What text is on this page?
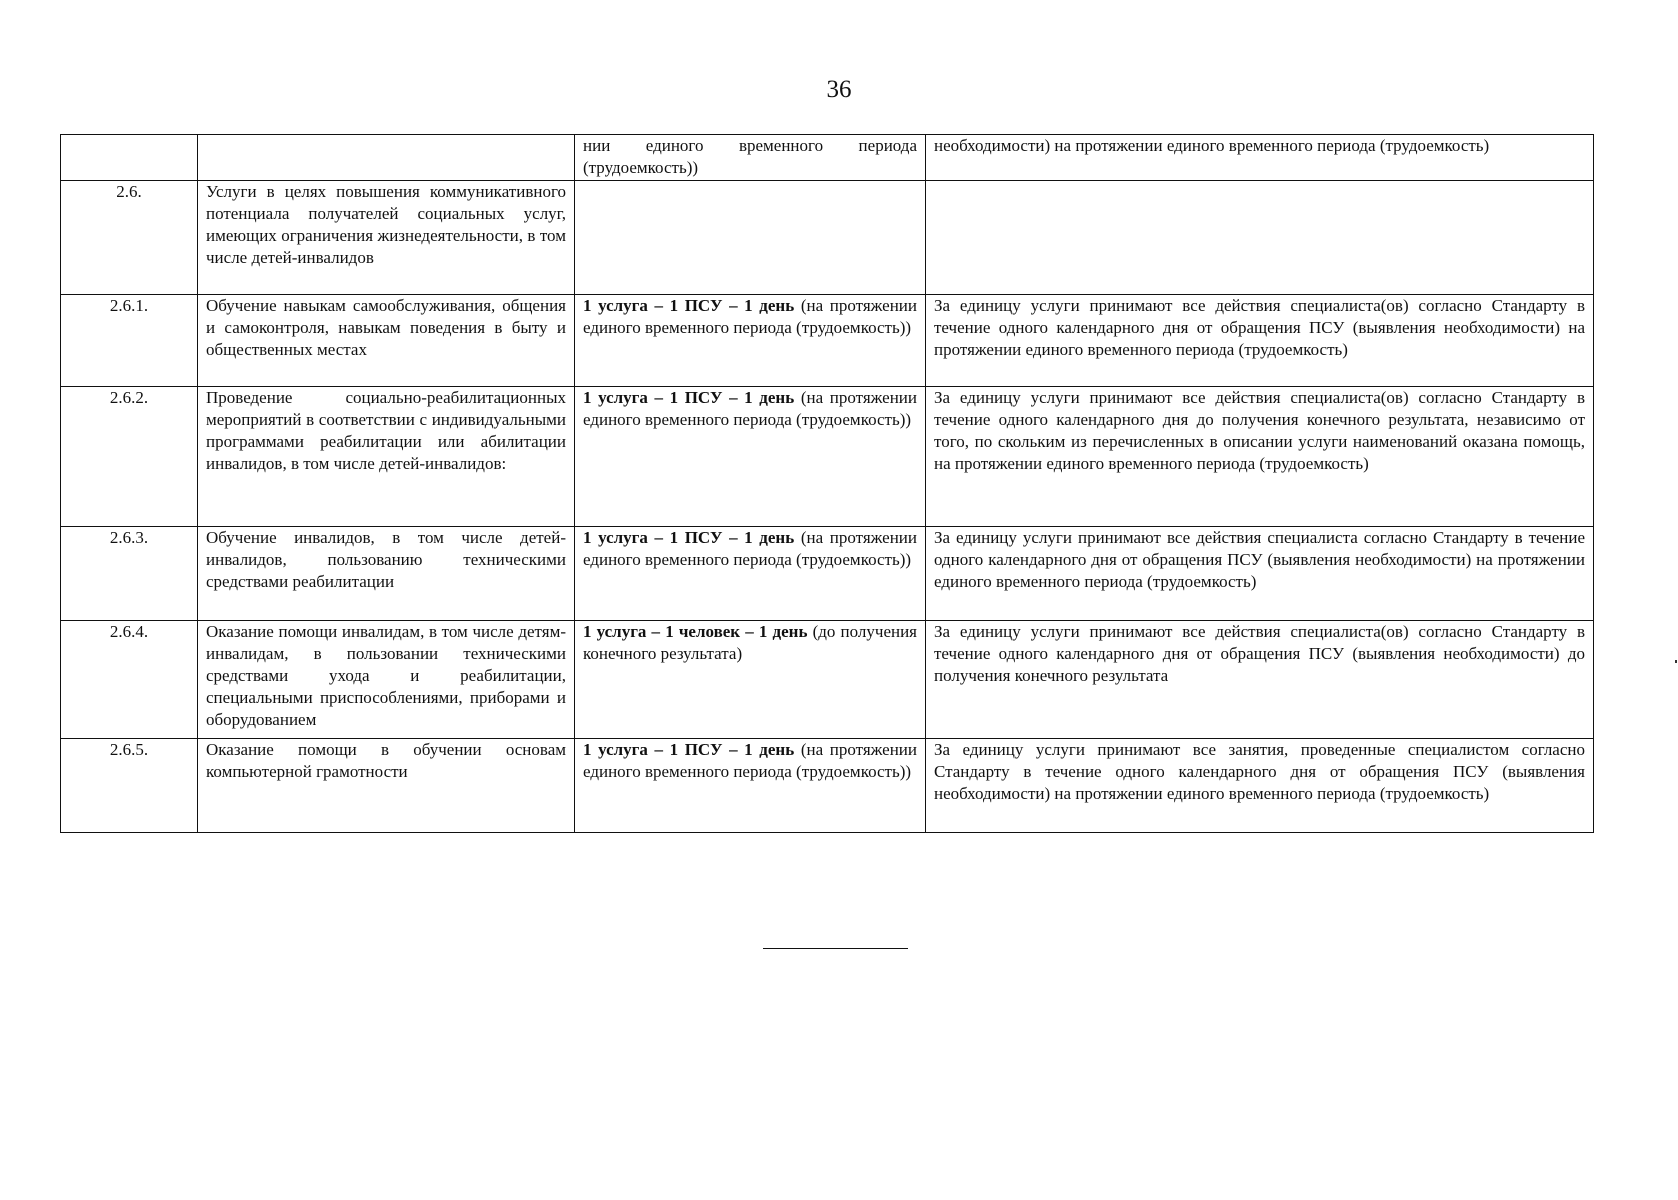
36
		нии единого временного периода (трудоемкость))	необходимости) на протяжении единого временного периода (трудоемкость)
2.6.	Услуги в целях повышения коммуникативного потенциала получателей социальных услуг, имеющих ограничения жизнедеятельности, в том числе детей-инвалидов		
2.6.1.	Обучение навыкам самообслуживания, общения и самоконтроля, навыкам поведения в быту и общественных местах	1 услуга – 1 ПСУ – 1 день (на протяжении единого временного периода (трудоемкость))	За единицу услуги принимают все действия специалиста(ов) согласно Стандарту в течение одного календарного дня от обращения ПСУ (выявления необходимости) на протяжении единого временного периода (трудоемкость)
2.6.2.	Проведение социально-реабилитационных мероприятий в соответствии с индивидуальными программами реабилитации или абилитации инвалидов, в том числе детей-инвалидов:	1 услуга – 1 ПСУ – 1 день (на протяжении единого временного периода (трудоемкость))	За единицу услуги принимают все действия специалиста(ов) согласно Стандарту в течение одного календарного дня до получения конечного результата, независимо от того, по скольким из перечисленных в описании услуги наименований оказана помощь, на протяжении единого временного периода (трудоемкость)
2.6.3.	Обучение инвалидов, в том числе детей-инвалидов, пользованию техническими средствами реабилитации	1 услуга – 1 ПСУ – 1 день (на протяжении единого временного периода (трудоемкость))	За единицу услуги принимают все действия специалиста согласно Стандарту в течение одного календарного дня от обращения ПСУ (выявления необходимости) на протяжении единого временного периода (трудоемкость)
2.6.4.	Оказание помощи инвалидам, в том числе детям-инвалидам, в пользовании техническими средствами ухода и реабилитации, специальными приспособлениями, приборами и оборудованием	1 услуга – 1 человек – 1 день (до получения конечного результата)	За единицу услуги принимают все действия специалиста(ов) согласно Стандарту в течение одного календарного дня от обращения ПСУ (выявления необходимости) до получения конечного результата
2.6.5.	Оказание помощи в обучении основам компьютерной грамотности	1 услуга – 1 ПСУ – 1 день (на протяжении единого временного периода (трудоемкость))	За единицу услуги принимают все занятия, проведенные специалистом согласно Стандарту в течение одного календарного дня от обращения ПСУ (выявления необходимости) на протяжении единого временного периода (трудоемкость)
